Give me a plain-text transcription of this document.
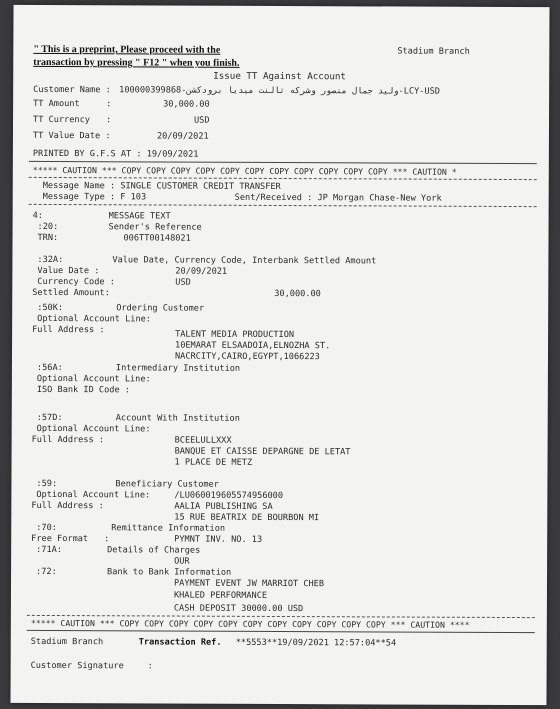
" This is a preprint, Please proceed with the
transaction by pressing " F12 " when you finish.
Stadium Branch
Issue TT Against Account
Customer Name : 100000399868-وليد جمال منصور وشركه تالنت ميديا برودكشن-LCY-USD
TT Amount	:	30,000.00
TT Currency :	USD
TT Value Date :	20/09/2021
PRINTED BY G.F.S AT : 19/09/2021
***** CAUTION *** COPY COPY COPY COPY COPY COPY COPY COPY COPY COPY COPY *** CAUTION *
Message Name : SINGLE CUSTOMER CREDIT TRANSFER
Message Type : F 103	Sent/Received : JP Morgan Chase-New York
4:	MESSAGE TEXT
:20:	Sender's Reference
TRN:	006TT00148021
:32A:	Value Date, Currency Code, Interbank Settled Amount
Value Date :	20/09/2021
Currency Code :	USD
Settled Amount:	30,000.00
:50K:	Ordering Customer
Optional Account Line:
Full Address :	TALENT MEDIA PRODUCTION
10EMARAT ELSAADOIA,ELNOZHA ST.
NACRCITY,CAIRO,EGYPT,1066223
:56A:	Intermediary Institution
Optional Account Line:
ISO Bank ID Code :
:57D:	Account With Institution
Optional Account Line:
Full Address :	BCEELULLXXX
BANQUE ET CAISSE DEPARGNE DE LETAT
1 PLACE DE METZ
:59:	Beneficiary Customer
Optional Account Line:	/LU060019605574956000
Full Address :	AALIA PUBLISHING SA
15 RUE BEATRIX DE BOURBON MI
:70:	Remittance Information
Free Format :	PYMNT INV. NO. 13
:71A:	Details of Charges
OUR
:72:	Bank to Bank Information
PAYMENT EVENT JW MARRIOT CHEB
KHALED PERFORMANCE
CASH DEPOSIT 30000.00 USD
***** CAUTION *** COPY COPY COPY COPY COPY COPY COPY COPY COPY COPY COPY *** CAUTION ****
Stadium Branch	Transaction Ref. **5553**19/09/2021 12:57:04**54
Customer Signature	:
